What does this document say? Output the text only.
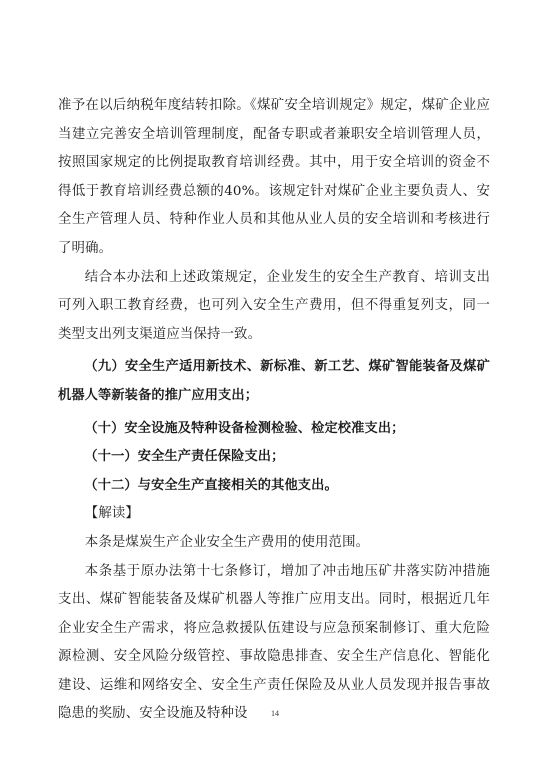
准予在以后纳税年度结转扣除。《煤矿安全培训规定》规定，煤矿企业应当建立完善安全培训管理制度，配备专职或者兼职安全培训管理人员，按照国家规定的比例提取教育培训经费。其中，用于安全培训的资金不得低于教育培训经费总额的40%。该规定针对煤矿企业主要负责人、安全生产管理人员、特种作业人员和其他从业人员的安全培训和考核进行了明确。

结合本办法和上述政策规定，企业发生的安全生产教育、培训支出可列入职工教育经费，也可列入安全生产费用，但不得重复列支，同一类型支出列支渠道应当保持一致。

（九）安全生产适用新技术、新标准、新工艺、煤矿智能装备及煤矿机器人等新装备的推广应用支出；

（十）安全设施及特种设备检测检验、检定校准支出；

（十一）安全生产责任保险支出；

（十二）与安全生产直接相关的其他支出。

【解读】

本条是煤炭生产企业安全生产费用的使用范围。

本条基于原办法第十七条修订，增加了冲击地压矿井落实防冲措施支出、煤矿智能装备及煤矿机器人等推广应用支出。同时，根据近几年企业安全生产需求，将应急救援队伍建设与应急预案制修订、重大危险源检测、安全风险分级管控、事故隐患排查、安全生产信息化、智能化建设、运维和网络安全、安全生产责任保险及从业人员发现并报告事故隐患的奖励、安全设施及特种设	14
